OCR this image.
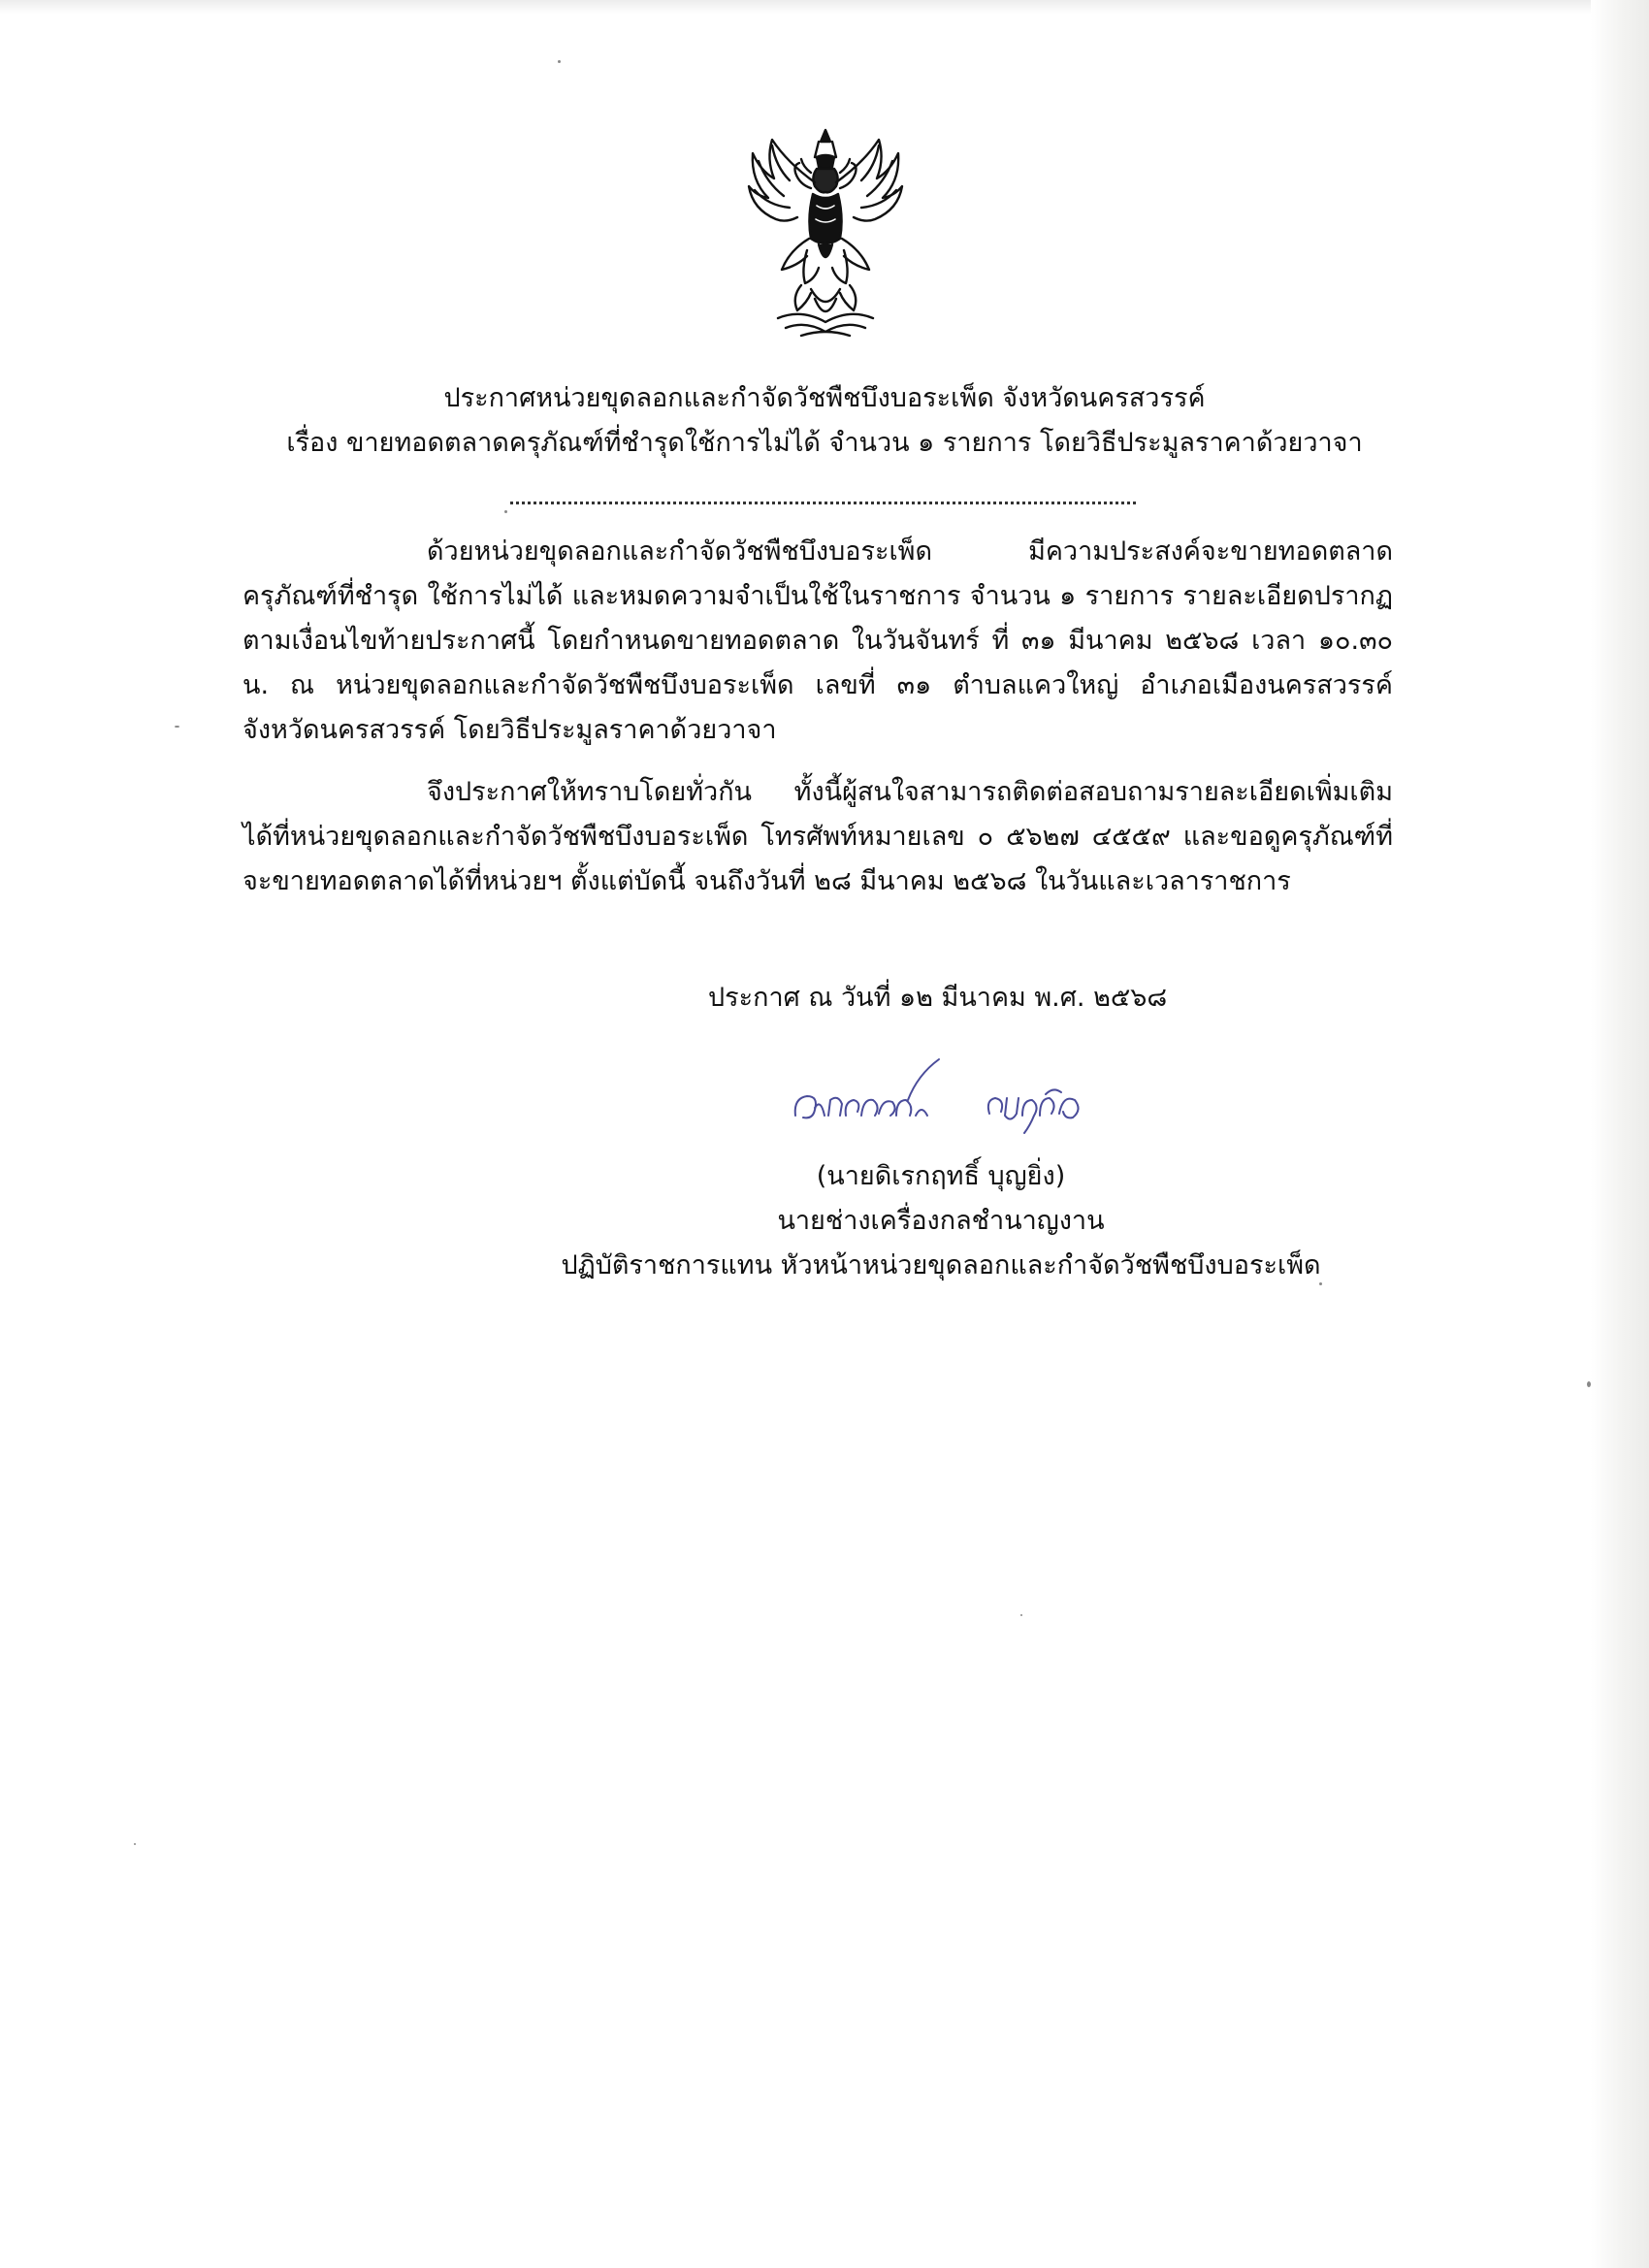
ประกาศหน่วยขุดลอกและกำจัดวัชพืชบึงบอระเพ็ด จังหวัดนครสวรรค์
เรื่อง ขายทอดตลาดครุภัณฑ์ที่ชำรุดใช้การไม่ได้ จำนวน ๑ รายการ โดยวิธีประมูลราคาด้วยวาจา

ด้วยหน่วยขุดลอกและกำจัดวัชพืชบึงบอระเพ็ด มีความประสงค์จะขายทอดตลาดครุภัณฑ์ที่ชำรุด ใช้การไม่ได้ และหมดความจำเป็นใช้ในราชการ จำนวน ๑ รายการ รายละเอียดปรากฏตามเงื่อนไขท้ายประกาศนี้ โดยกำหนดขายทอดตลาด ในวันจันทร์ ที่ ๓๑ มีนาคม ๒๕๖๘ เวลา ๑๐.๓๐ น. ณ หน่วยขุดลอกและกำจัดวัชพืชบึงบอระเพ็ด เลขที่ ๓๑ ตำบลแควใหญ่ อำเภอเมืองนครสวรรค์ จังหวัดนครสวรรค์ โดยวิธีประมูลราคาด้วยวาจา

จึงประกาศให้ทราบโดยทั่วกัน ทั้งนี้ผู้สนใจสามารถติดต่อสอบถามรายละเอียดเพิ่มเติมได้ที่หน่วยขุดลอกและกำจัดวัชพืชบึงบอระเพ็ด โทรศัพท์หมายเลข ๐ ๕๖๒๗ ๔๕๕๙ และขอดูครุภัณฑ์ที่จะขายทอดตลาดได้ที่หน่วยฯ ตั้งแต่บัดนี้ จนถึงวันที่ ๒๘ มีนาคม ๒๕๖๘ ในวันและเวลาราชการ

ประกาศ ณ วันที่ ๑๒ มีนาคม พ.ศ. ๒๕๖๘
(นายดิเรกฤทธิ์ บุญยิ่ง)
นายช่างเครื่องกลชำนาญงาน
ปฏิบัติราชการแทน หัวหน้าหน่วยขุดลอกและกำจัดวัชพืชบึงบอระเพ็ด
